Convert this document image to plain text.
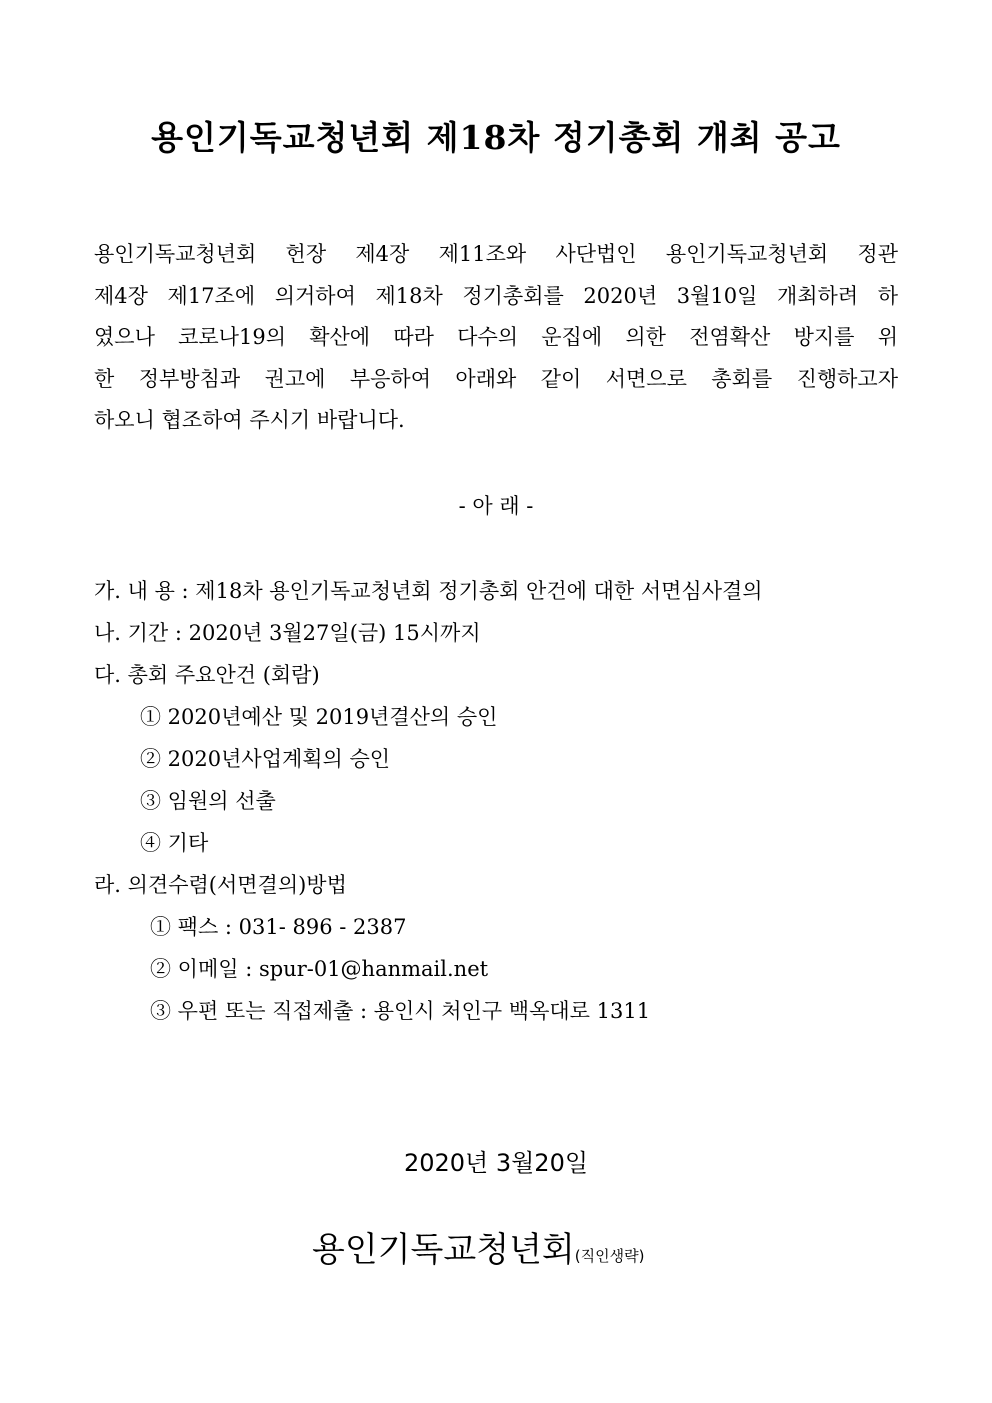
용인기독교청년회 제18차 정기총회 개최 공고
용인기독교청년회 헌장 제4장 제11조와 사단법인 용인기독교청년회 정관
제4장 제17조에 의거하여 제18차 정기총회를 2020년 3월10일 개최하려 하
였으나 코로나19의 확산에 따라 다수의 운집에 의한 전염확산 방지를 위
한 정부방침과 권고에 부응하여 아래와 같이 서면으로 총회를 진행하고자
하오니 협조하여 주시기 바랍니다.
- 아 래 -
가. 내 용 : 제18차 용인기독교청년회 정기총회 안건에 대한 서면심사결의
나. 기간 : 2020년 3월27일(금) 15시까지
다. 총회 주요안건 (회람)
① 2020년예산 및 2019년결산의 승인
② 2020년사업계획의 승인
③ 임원의 선출
④ 기타
라. 의견수렴(서면결의)방법
① 팩스 : 031- 896 - 2387
② 이메일 : spur-01@hanmail.net
③ 우편 또는 직접제출 : 용인시 처인구 백옥대로 1311
2020년 3월20일
용인기독교청년회(직인생략)
